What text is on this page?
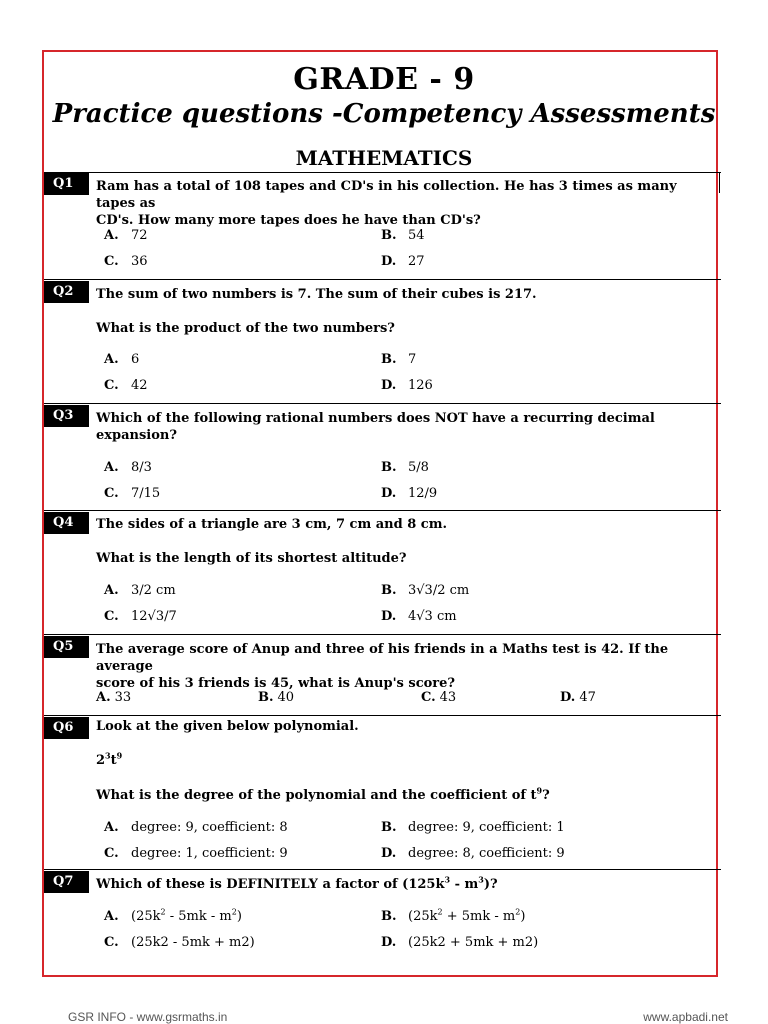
GRADE - 9
Practice questions -Competency Assessments
MATHEMATICS
Q1	Ram has a total of 108 tapes and CD's in his collection. He has 3 times as many tapes as
CD's. How many more tapes does he have than CD's?
A. 72	B. 54
C. 36	D. 27
Q2	The sum of two numbers is 7. The sum of their cubes is 217.
What is the product of the two numbers?
A. 6	B. 7
C. 42	D. 126
Q3	Which of the following rational numbers does NOT have a recurring decimal
expansion?
A. 8/3	B. 5/8
C. 7/15	D. 12/9
Q4	The sides of a triangle are 3 cm, 7 cm and 8 cm.
What is the length of its shortest altitude?
A. 3/2 cm	B. 3√3/2 cm
C. 12√3/7	D. 4√3 cm
Q5	The average score of Anup and three of his friends in a Maths test is 42. If the average
score of his 3 friends is 45, what is Anup's score?
A. 33	B. 40	C. 43	D. 47
Q6	Look at the given below polynomial.
$2^3t^9$
What is the degree of the polynomial and the coefficient of $t^9$?
A. degree: 9, coefficient: 8	B. degree: 9, coefficient: 1
C. degree: 1, coefficient: 9	D. degree: 8, coefficient: 9
Q7	Which of these is DEFINITELY a factor of $(125k^3 - m^3)$?
A. $(25k^2 - 5mk - m^2)$	B. $(25k^2 + 5mk - m^2)$
C. (25k2 - 5mk + m2)	D. (25k2 + 5mk + m2)
GSR INFO - www.gsrmaths.in	www.apbadi.net
